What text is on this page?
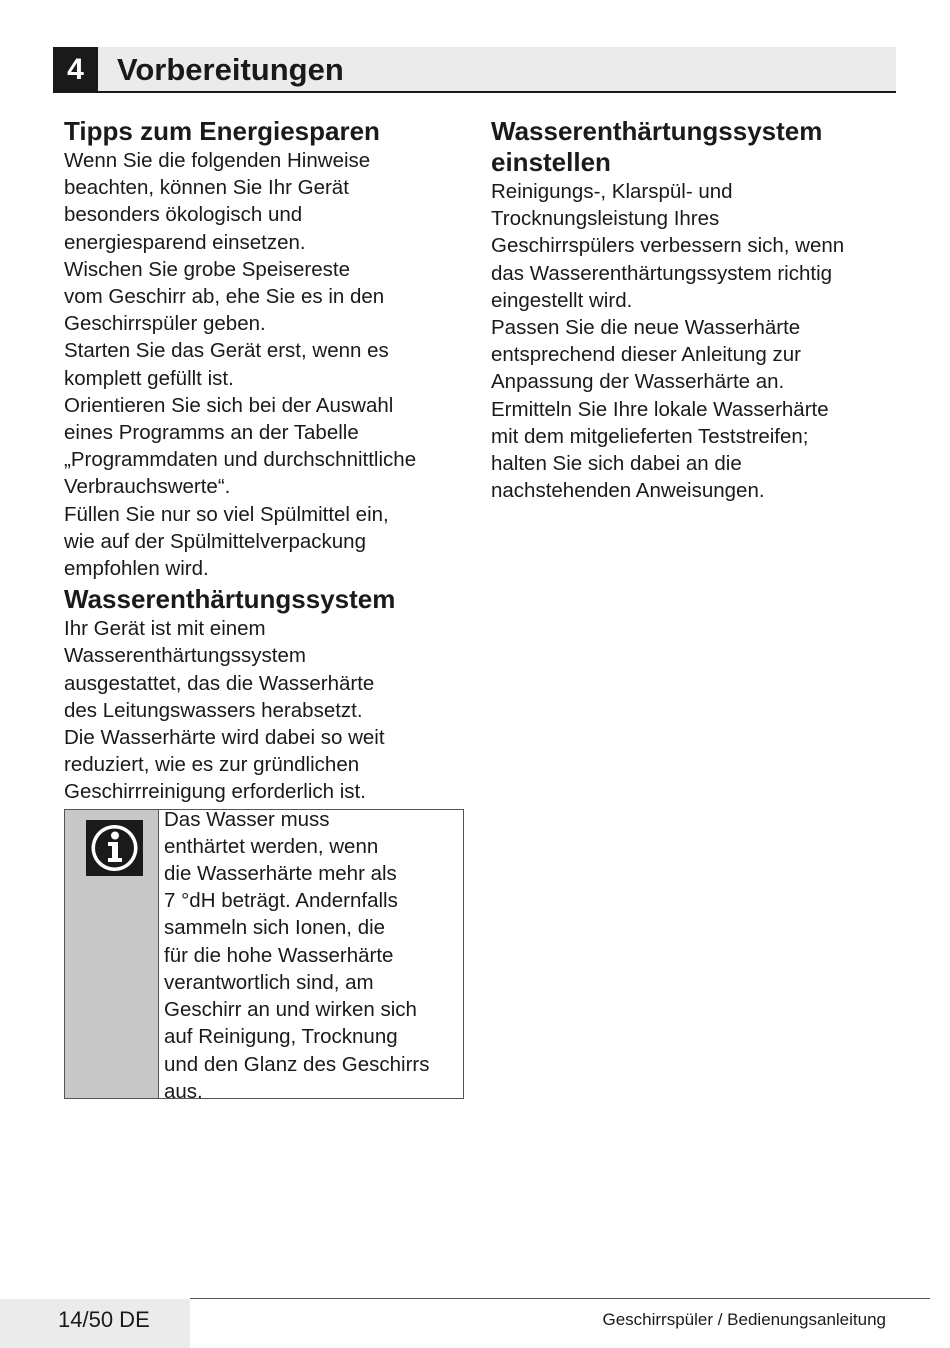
4	Vorbereitungen
Tipps zum Energiesparen

Wenn Sie die folgenden Hinweise

beachten, können Sie Ihr Gerät

besonders ökologisch und

energiesparend einsetzen.

Wischen Sie grobe Speisereste

vom Geschirr ab, ehe Sie es in den

Geschirrspüler geben.

Starten Sie das Gerät erst, wenn es

komplett gefüllt ist.

Orientieren Sie sich bei der Auswahl

eines Programms an der Tabelle

„Programmdaten und durchschnittliche

Verbrauchswerte“.

Füllen Sie nur so viel Spülmittel ein,

wie auf der Spülmittelverpackung

empfohlen wird.

Wasserenthärtungssystem

Ihr Gerät ist mit einem

Wasserenthärtungssystem

ausgestattet, das die Wasserhärte

des Leitungswassers herabsetzt.

Die Wasserhärte wird dabei so weit

reduziert, wie es zur gründlichen

Geschirrreinigung erforderlich ist.

Das Wasser muss

enthärtet werden, wenn

die Wasserhärte mehr als

7 °dH beträgt. Andernfalls

sammeln sich Ionen, die

für die hohe Wasserhärte

verantwortlich sind, am

Geschirr an und wirken sich

auf Reinigung, Trocknung

und den Glanz des Geschirrs

aus.

Wasserenthärtungssystem
einstellen

Reinigungs-, Klarspül- und

Trocknungsleistung Ihres

Geschirrspülers verbessern sich, wenn

das Wasserenthärtungssystem richtig

eingestellt wird.

Passen Sie die neue Wasserhärte

entsprechend dieser Anleitung zur

Anpassung der Wasserhärte an.

Ermitteln Sie Ihre lokale Wasserhärte

mit dem mitgelieferten Teststreifen;

halten Sie sich dabei an die

nachstehenden Anweisungen.

14/50 DE	Geschirrspüler / Bedienungsanleitung
